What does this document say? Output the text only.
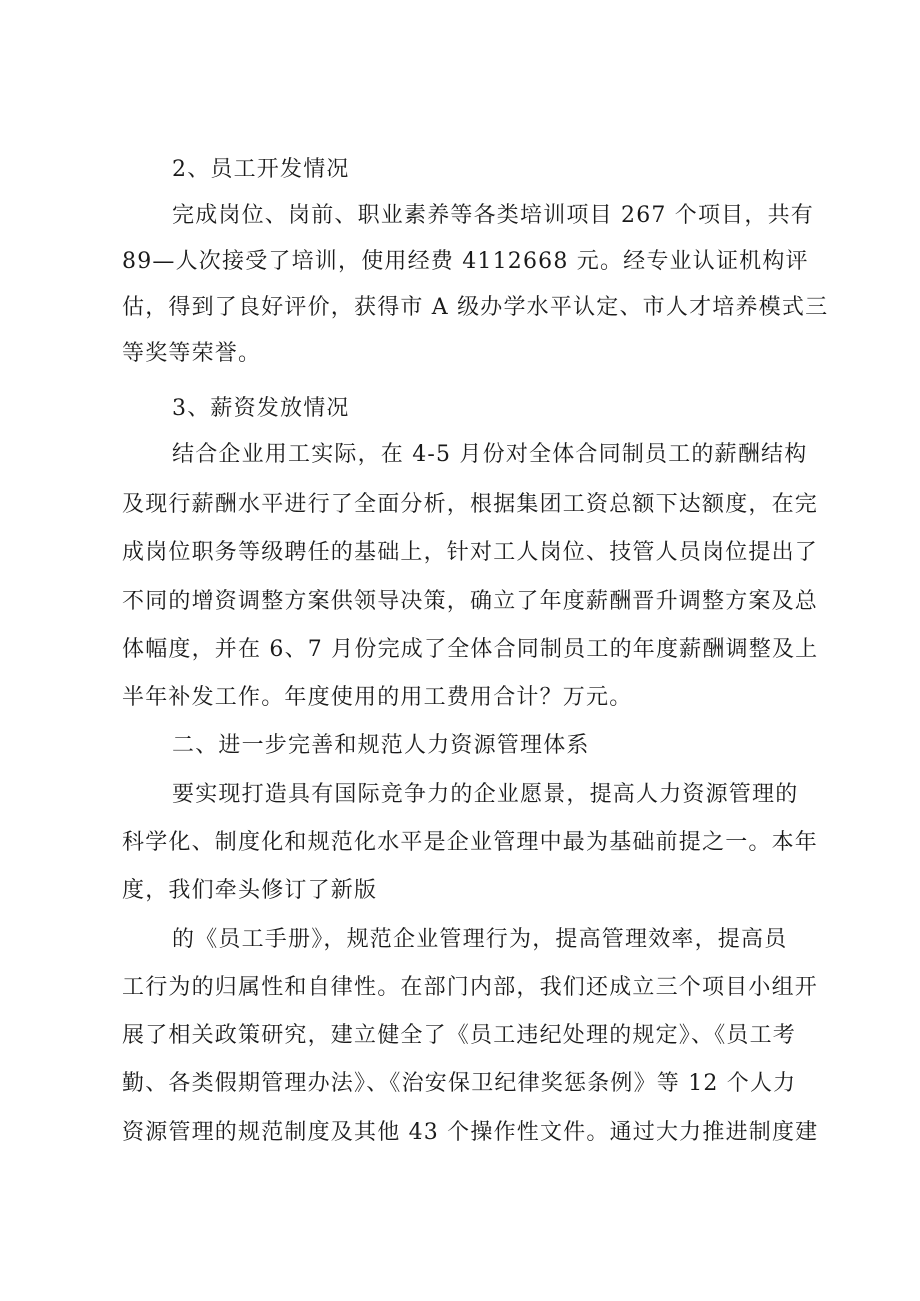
2、员工开发情况

完成岗位、岗前、职业素养等各类培训项目 267 个项目，共有

89—人次接受了培训，使用经费 4112668 元。经专业认证机构评

估，得到了良好评价，获得市 A 级办学水平认定、市人才培养模式三

等奖等荣誉。

3、薪资发放情况

结合企业用工实际，在 4-5 月份对全体合同制员工的薪酬结构

及现行薪酬水平进行了全面分析，根据集团工资总额下达额度，在完

成岗位职务等级聘任的基础上，针对工人岗位、技管人员岗位提出了

不同的增资调整方案供领导决策，确立了年度薪酬晋升调整方案及总

体幅度，并在 6、7 月份完成了全体合同制员工的年度薪酬调整及上

半年补发工作。年度使用的用工费用合计？万元。

二、进一步完善和规范人力资源管理体系

要实现打造具有国际竞争力的企业愿景，提高人力资源管理的

科学化、制度化和规范化水平是企业管理中最为基础前提之一。本年

度，我们牵头修订了新版

的《员工手册》，规范企业管理行为，提高管理效率，提高员

工行为的归属性和自律性。在部门内部，我们还成立三个项目小组开

展了相关政策研究，建立健全了《员工违纪处理的规定》、《员工考

勤、各类假期管理办法》、《治安保卫纪律奖惩条例》等 12 个人力

资源管理的规范制度及其他 43 个操作性文件。通过大力推进制度建
